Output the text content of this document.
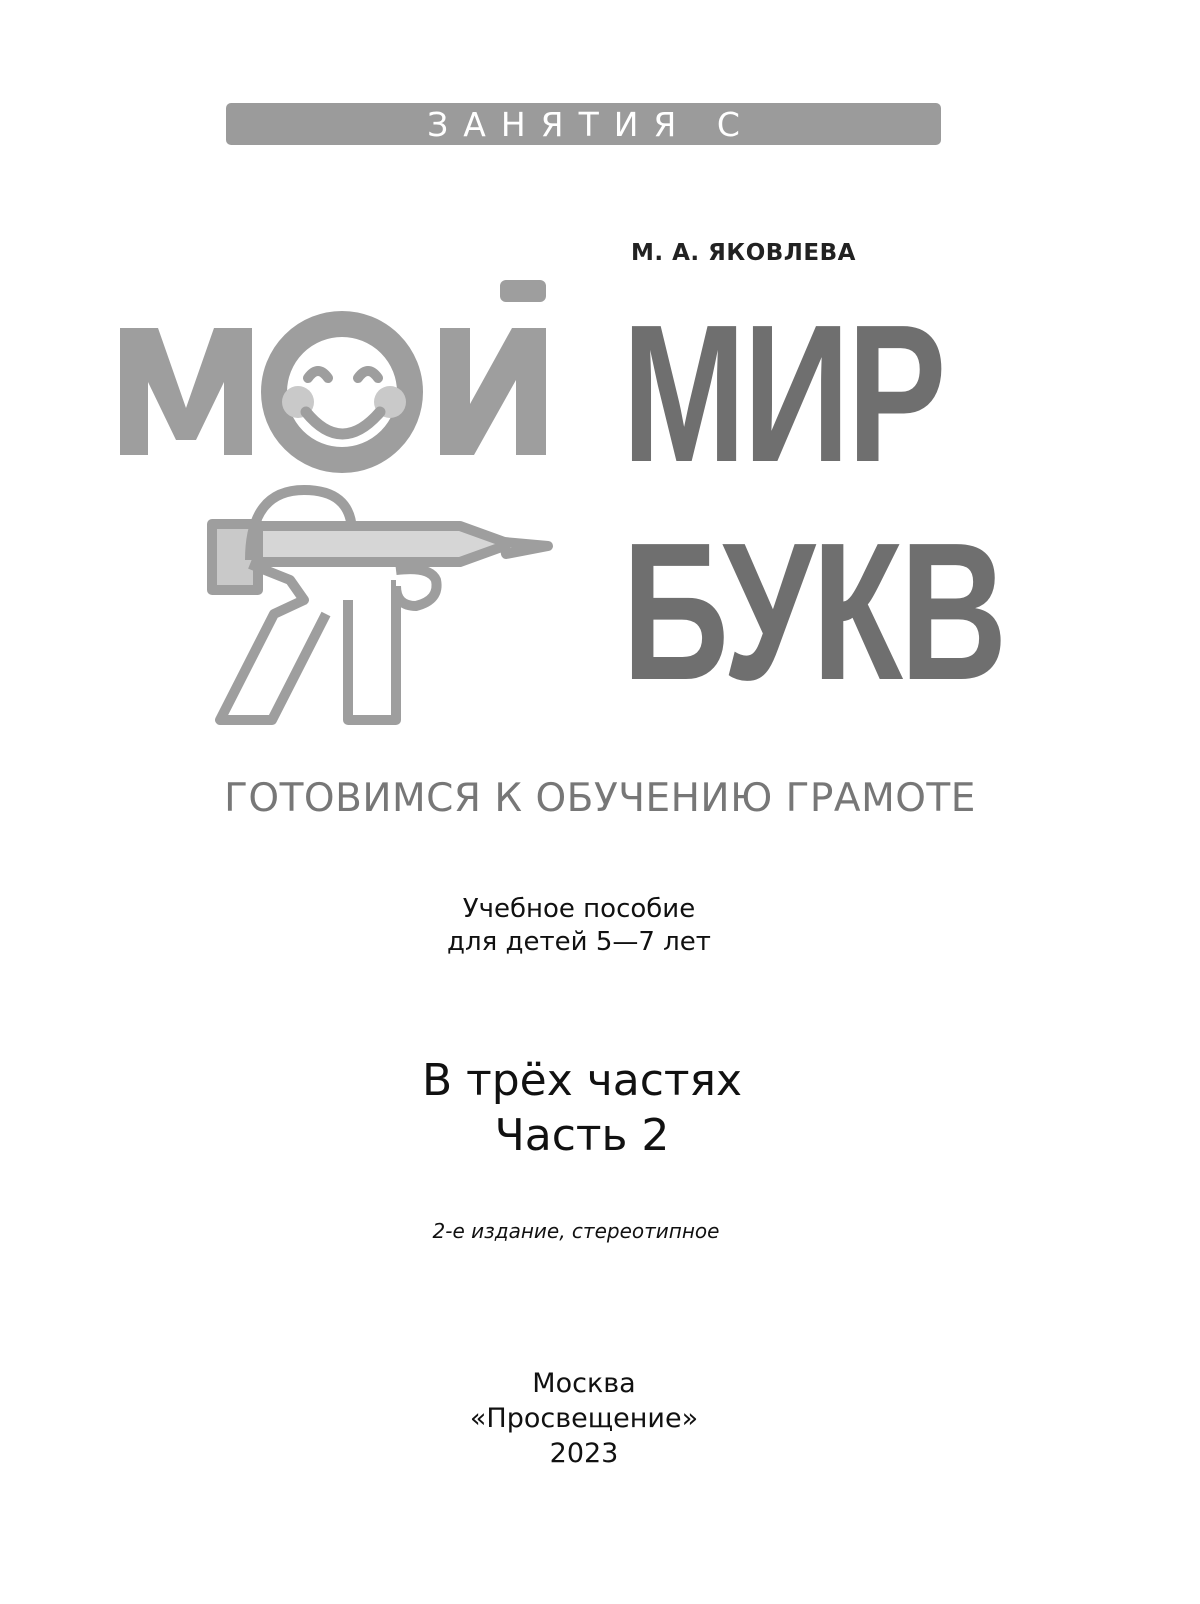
ЗАНЯТИЯ С ЛОГОПЕДОМ
М. А. ЯКОВЛЕВА
МИР
БУКВ
ГОТОВИМСЯ К ОБУЧЕНИЮ ГРАМОТЕ
Учебное пособие
для детей 5—7 лет
В трёх частях
Часть 2
2-е издание, стереотипное
Москва
«Просвещение»
2023
